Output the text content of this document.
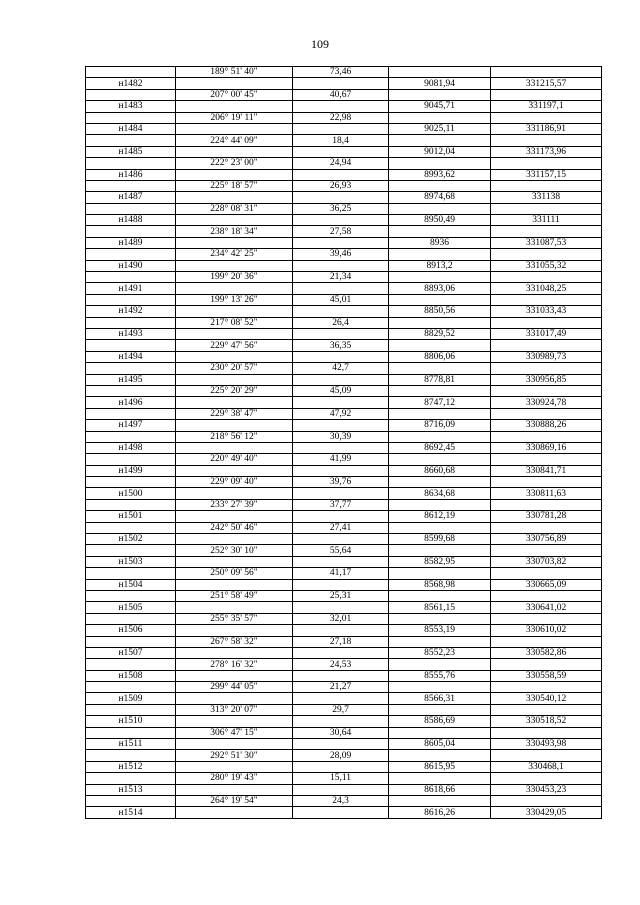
109
	189° 51' 40"	73,46		
н1482			9081,94	331215,57
	207° 00' 45"	40,67		
н1483			9045,71	331197,1
	206° 19' 11"	22,98		
н1484			9025,11	331186,91
	224° 44' 09"	18,4		
н1485			9012,04	331173,96
	222° 23' 00"	24,94		
н1486			8993,62	331157,15
	225° 18' 57"	26,93		
н1487			8974,68	331138
	228° 08' 31"	36,25		
н1488			8950,49	331111
	238° 18' 34"	27,58		
н1489			8936	331087,53
	234° 42' 25"	39,46		
н1490			8913,2	331055,32
	199° 20' 36"	21,34		
н1491			8893,06	331048,25
	199° 13' 26"	45,01		
н1492			8850,56	331033,43
	217° 08' 52"	26,4		
н1493			8829,52	331017,49
	229° 47' 56"	36,35		
н1494			8806,06	330989,73
	230° 20' 57"	42,7		
н1495			8778,81	330956,85
	225° 20' 29"	45,09		
н1496			8747,12	330924,78
	229° 38' 47"	47,92		
н1497			8716,09	330888,26
	218° 56' 12"	30,39		
н1498			8692,45	330869,16
	220° 49' 40"	41,99		
н1499			8660,68	330841,71
	229° 09' 40"	39,76		
н1500			8634,68	330811,63
	233° 27' 39"	37,77		
н1501			8612,19	330781,28
	242° 50' 46"	27,41		
н1502			8599,68	330756,89
	252° 30' 10"	55,64		
н1503			8582,95	330703,82
	250° 09' 56"	41,17		
н1504			8568,98	330665,09
	251° 58' 49"	25,31		
н1505			8561,15	330641,02
	255° 35' 57"	32,01		
н1506			8553,19	330610,02
	267° 58' 32"	27,18		
н1507			8552,23	330582,86
	278° 16' 32"	24,53		
н1508			8555,76	330558,59
	299° 44' 05"	21,27		
н1509			8566,31	330540,12
	313° 20' 07"	29,7		
н1510			8586,69	330518,52
	306° 47' 15"	30,64		
н1511			8605,04	330493,98
	292° 51' 30"	28,09		
н1512			8615,95	330468,1
	280° 19' 43"	15,11		
н1513			8618,66	330453,23
	264° 19' 54"	24,3		
н1514			8616,26	330429,05
